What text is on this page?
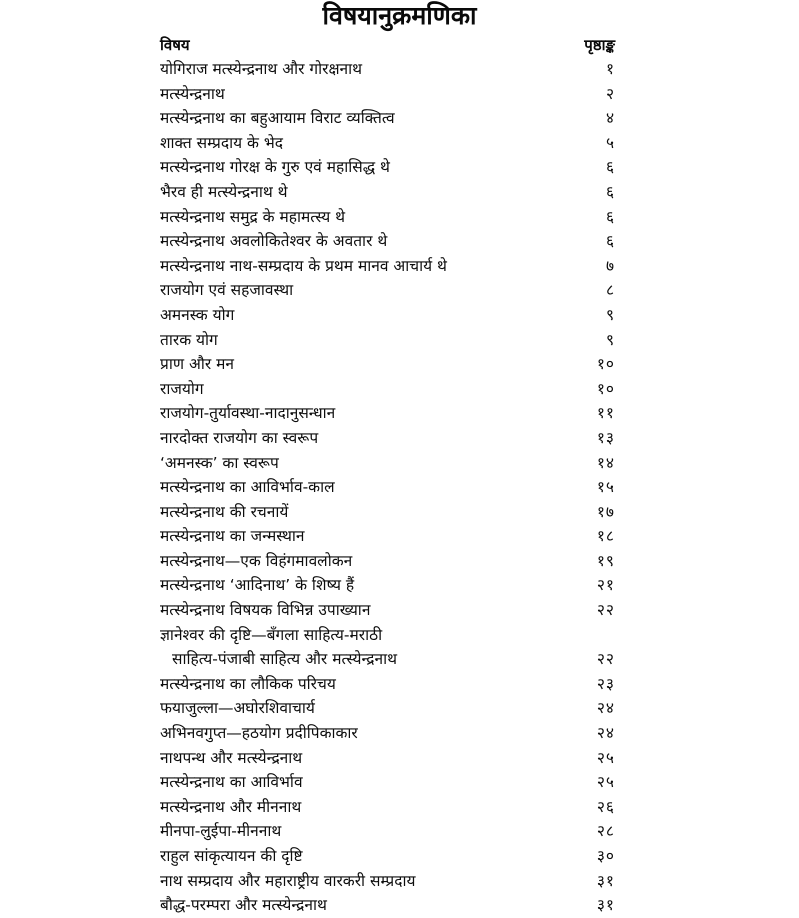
विषयानुक्रमणिका
विषय	पृष्ठाङ्क
योगिराज मत्स्येन्द्रनाथ और गोरक्षनाथ	१
मत्स्येन्द्रनाथ	२
मत्स्येन्द्रनाथ का बहुआयाम विराट व्यक्तित्व	४
शाक्त सम्प्रदाय के भेद	५
मत्स्येन्द्रनाथ गोरक्ष के गुरु एवं महासिद्ध थे	६
भैरव ही मत्स्येन्द्रनाथ थे	६
मत्स्येन्द्रनाथ समुद्र के महामत्स्य थे	६
मत्स्येन्द्रनाथ अवलोकितेश्वर के अवतार थे	६
मत्स्येन्द्रनाथ नाथ-सम्प्रदाय के प्रथम मानव आचार्य थे	७
राजयोग एवं सहजावस्था	८
अमनस्क योग	९
तारक योग	९
प्राण और मन	१०
राजयोग	१०
राजयोग-तुर्यावस्था-नादानुसन्धान	११
नारदोक्त राजयोग का स्वरूप	१३
‘अमनस्क’ का स्वरूप	१४
मत्स्येन्द्रनाथ का आविर्भाव-काल	१५
मत्स्येन्द्रनाथ की रचनायें	१७
मत्स्येन्द्रनाथ का जन्मस्थान	१८
मत्स्येन्द्रनाथ—एक विहंगमावलोकन	१९
मत्स्येन्द्रनाथ ‘आदिनाथ’ के शिष्य हैं	२१
मत्स्येन्द्रनाथ विषयक विभिन्न उपाख्यान	२२
ज्ञानेश्वर की दृष्टि—बँगला साहित्य-मराठी
साहित्य-पंजाबी साहित्य और मत्स्येन्द्रनाथ	२२
मत्स्येन्द्रनाथ का लौकिक परिचय	२३
फयाजुल्ला—अघोरशिवाचार्य	२४
अभिनवगुप्त—हठयोग प्रदीपिकाकार	२४
नाथपन्थ और मत्स्येन्द्रनाथ	२५
मत्स्येन्द्रनाथ का आविर्भाव	२५
मत्स्येन्द्रनाथ और मीननाथ	२६
मीनपा-लुईपा-मीननाथ	२८
राहुल सांकृत्यायन की दृष्टि	३०
नाथ सम्प्रदाय और महाराष्ट्रीय वारकरी सम्प्रदाय	३१
बौद्ध-परम्परा और मत्स्येन्द्रनाथ	३१
